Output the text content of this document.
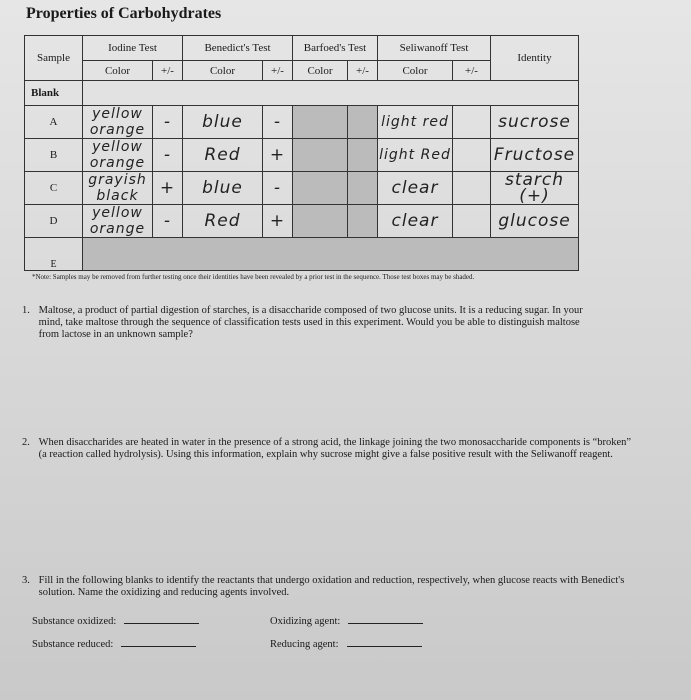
Properties of Carbohydrates
Sample	Iodine Test		Benedict's Test		Barfoed's Test		Seliwanoff Test		Identity
	Color	+/-	Color	+/-	Color	+/-	Color	+/-	
Blank									
A	yellow orange	-	blue	-			light red		sucrose
B	yellow orange	-	Red	+			light Red		Fructose
C	grayish black	+	blue	-			clear		starch (+)
D	yellow orange	-	Red	+			clear		glucose
E									
*Note: Samples may be removed from further testing once their identities have been revealed by a prior test in the sequence. Those test boxes may be shaded.
1. Maltose, a product of partial digestion of starches, is a disaccharide composed of two glucose units. It is a reducing sugar. In your mind, take maltose through the sequence of classification tests used in this experiment. Would you be able to distinguish maltose from lactose in an unknown sample?
2. When disaccharides are heated in water in the presence of a strong acid, the linkage joining the two monosaccharide components is “broken” (a reaction called hydrolysis). Using this information, explain why sucrose might give a false positive result with the Seliwanoff reagent.
3. Fill in the following blanks to identify the reactants that undergo oxidation and reduction, respectively, when glucose reacts with Benedict's solution. Name the oxidizing and reducing agents involved.
Substance oxidized:	Oxidizing agent:
Substance reduced:	Reducing agent:
